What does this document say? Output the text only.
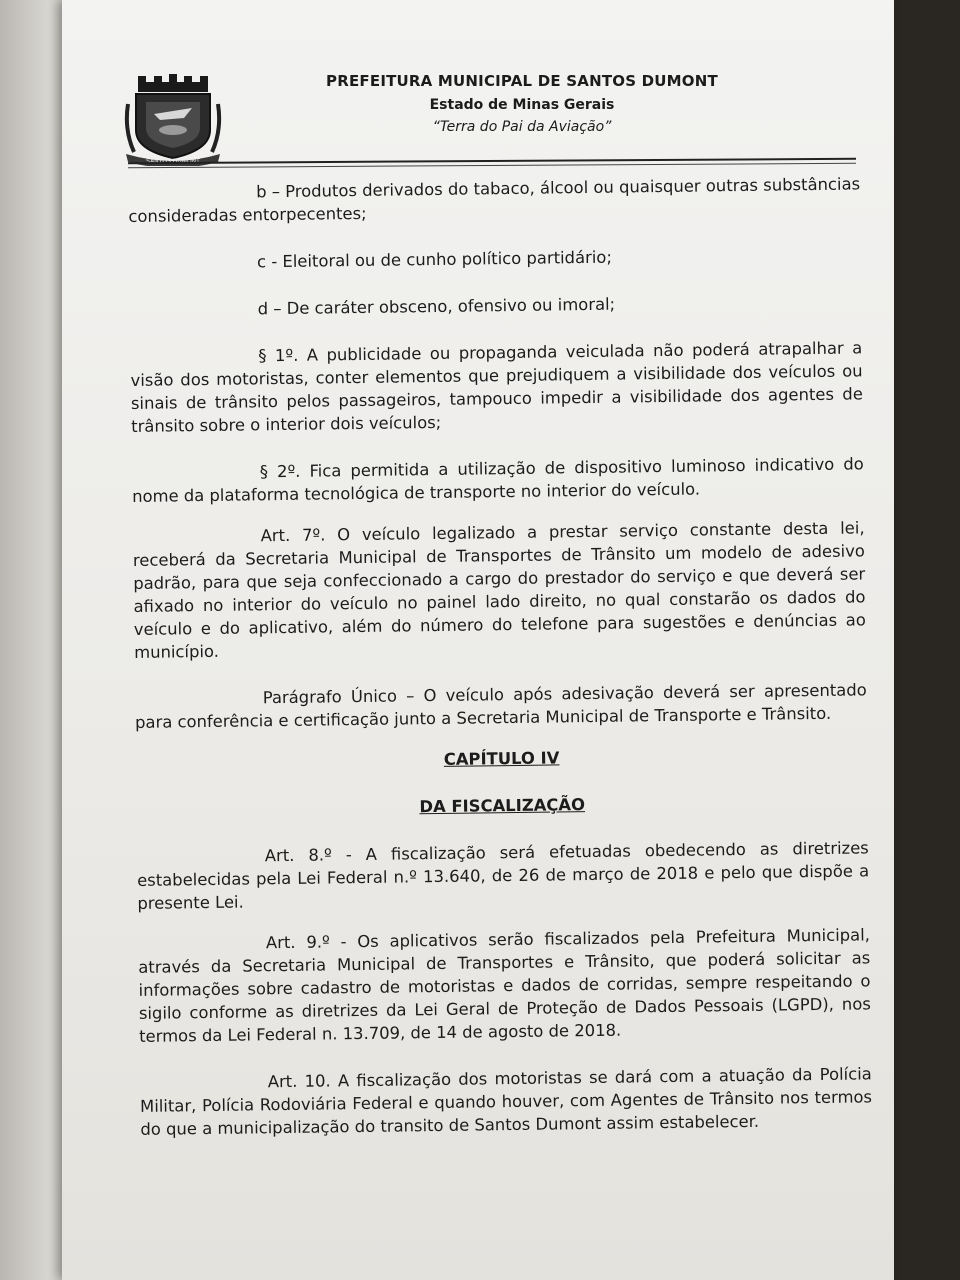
PREFEITURA MUNICIPAL DE SANTOS DUMONT
Estado de Minas Gerais
“Terra do Pai da Aviação”

b – Produtos derivados do tabaco, álcool ou quaisquer outras substâncias consideradas entorpecentes;

c - Eleitoral ou de cunho político partidário;

d – De caráter obsceno, ofensivo ou imoral;

§ 1º. A publicidade ou propaganda veiculada não poderá atrapalhar a visão dos motoristas, conter elementos que prejudiquem a visibilidade dos veículos ou sinais de trânsito pelos passageiros, tampouco impedir a visibilidade dos agentes de trânsito sobre o interior dois veículos;

§ 2º. Fica permitida a utilização de dispositivo luminoso indicativo do nome da plataforma tecnológica de transporte no interior do veículo.

Art. 7º. O veículo legalizado a prestar serviço constante desta lei, receberá da Secretaria Municipal de Transportes de Trânsito um modelo de adesivo padrão, para que seja confeccionado a cargo do prestador do serviço e que deverá ser afixado no interior do veículo no painel lado direito, no qual constarão os dados do veículo e do aplicativo, além do número do telefone para sugestões e denúncias ao município.

Parágrafo Único – O veículo após adesivação deverá ser apresentado para conferência e certificação junto a Secretaria Municipal de Transporte e Trânsito.

CAPÍTULO IV

DA FISCALIZAÇÃO

Art. 8.º - A fiscalização será efetuadas obedecendo as diretrizes estabelecidas pela Lei Federal n.º 13.640, de 26 de março de 2018 e pelo que dispõe a presente Lei.

Art. 9.º - Os aplicativos serão fiscalizados pela Prefeitura Municipal, através da Secretaria Municipal de Transportes e Trânsito, que poderá solicitar as informações sobre cadastro de motoristas e dados de corridas, sempre respeitando o sigilo conforme as diretrizes da Lei Geral de Proteção de Dados Pessoais (LGPD), nos termos da Lei Federal n. 13.709, de 14 de agosto de 2018.

Art. 10. A fiscalização dos motoristas se dará com a atuação da Polícia Militar, Polícia Rodoviária Federal e quando houver, com Agentes de Trânsito nos termos do que a municipalização do transito de Santos Dumont assim estabelecer.
